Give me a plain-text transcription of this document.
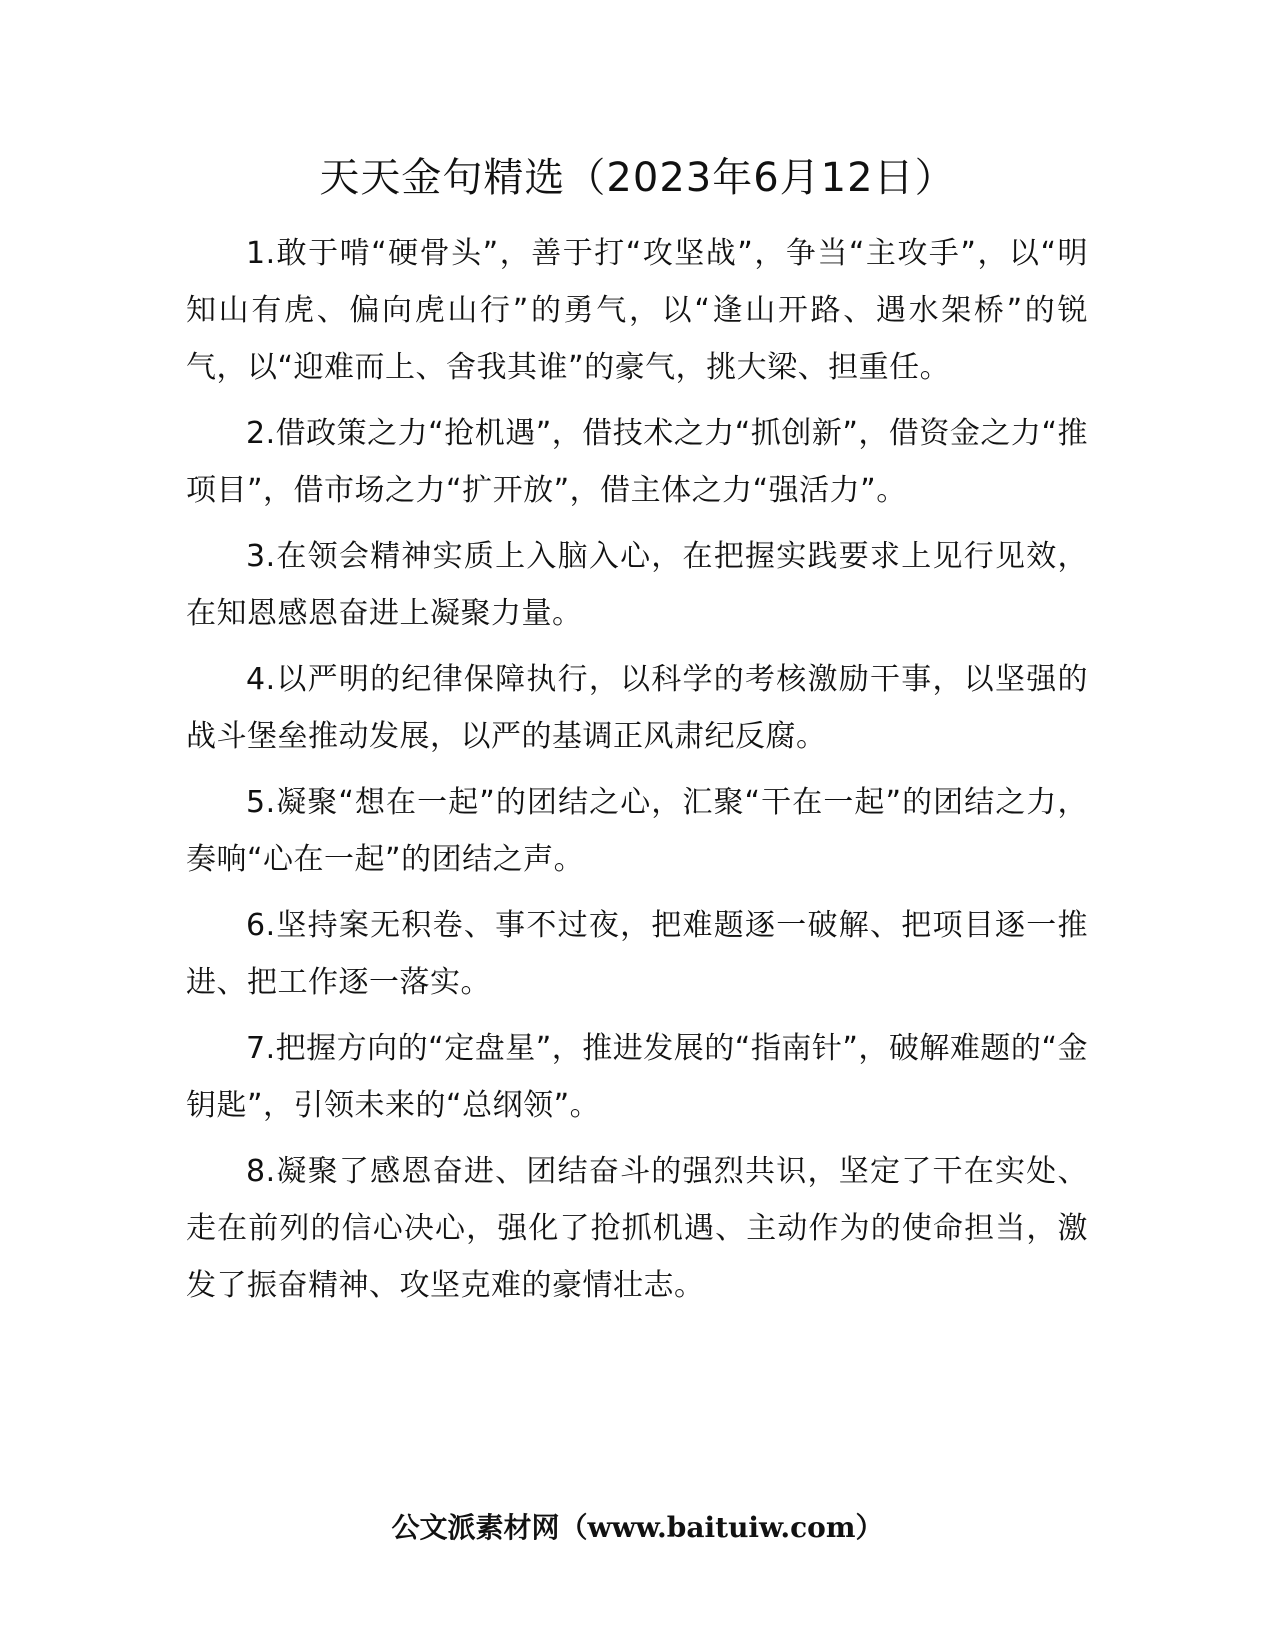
天天金句精选（2023年6月12日）

1.敢于啃“硬骨头”，善于打“攻坚战”，争当“主攻手”，以“明知山有虎、偏向虎山行”的勇气，以“逢山开路、遇水架桥”的锐气，以“迎难而上、舍我其谁”的豪气，挑大梁、担重任。

2.借政策之力“抢机遇”，借技术之力“抓创新”，借资金之力“推项目”，借市场之力“扩开放”，借主体之力“强活力”。

3.在领会精神实质上入脑入心，在把握实践要求上见行见效，在知恩感恩奋进上凝聚力量。

4.以严明的纪律保障执行，以科学的考核激励干事，以坚强的战斗堡垒推动发展，以严的基调正风肃纪反腐。

5.凝聚“想在一起”的团结之心，汇聚“干在一起”的团结之力，奏响“心在一起”的团结之声。

6.坚持案无积卷、事不过夜，把难题逐一破解、把项目逐一推进、把工作逐一落实。

7.把握方向的“定盘星”，推进发展的“指南针”，破解难题的“金钥匙”，引领未来的“总纲领”。

8.凝聚了感恩奋进、团结奋斗的强烈共识，坚定了干在实处、走在前列的信心决心，强化了抢抓机遇、主动作为的使命担当，激发了振奋精神、攻坚克难的豪情壮志。

公文派素材网（www.baituiw.com）
